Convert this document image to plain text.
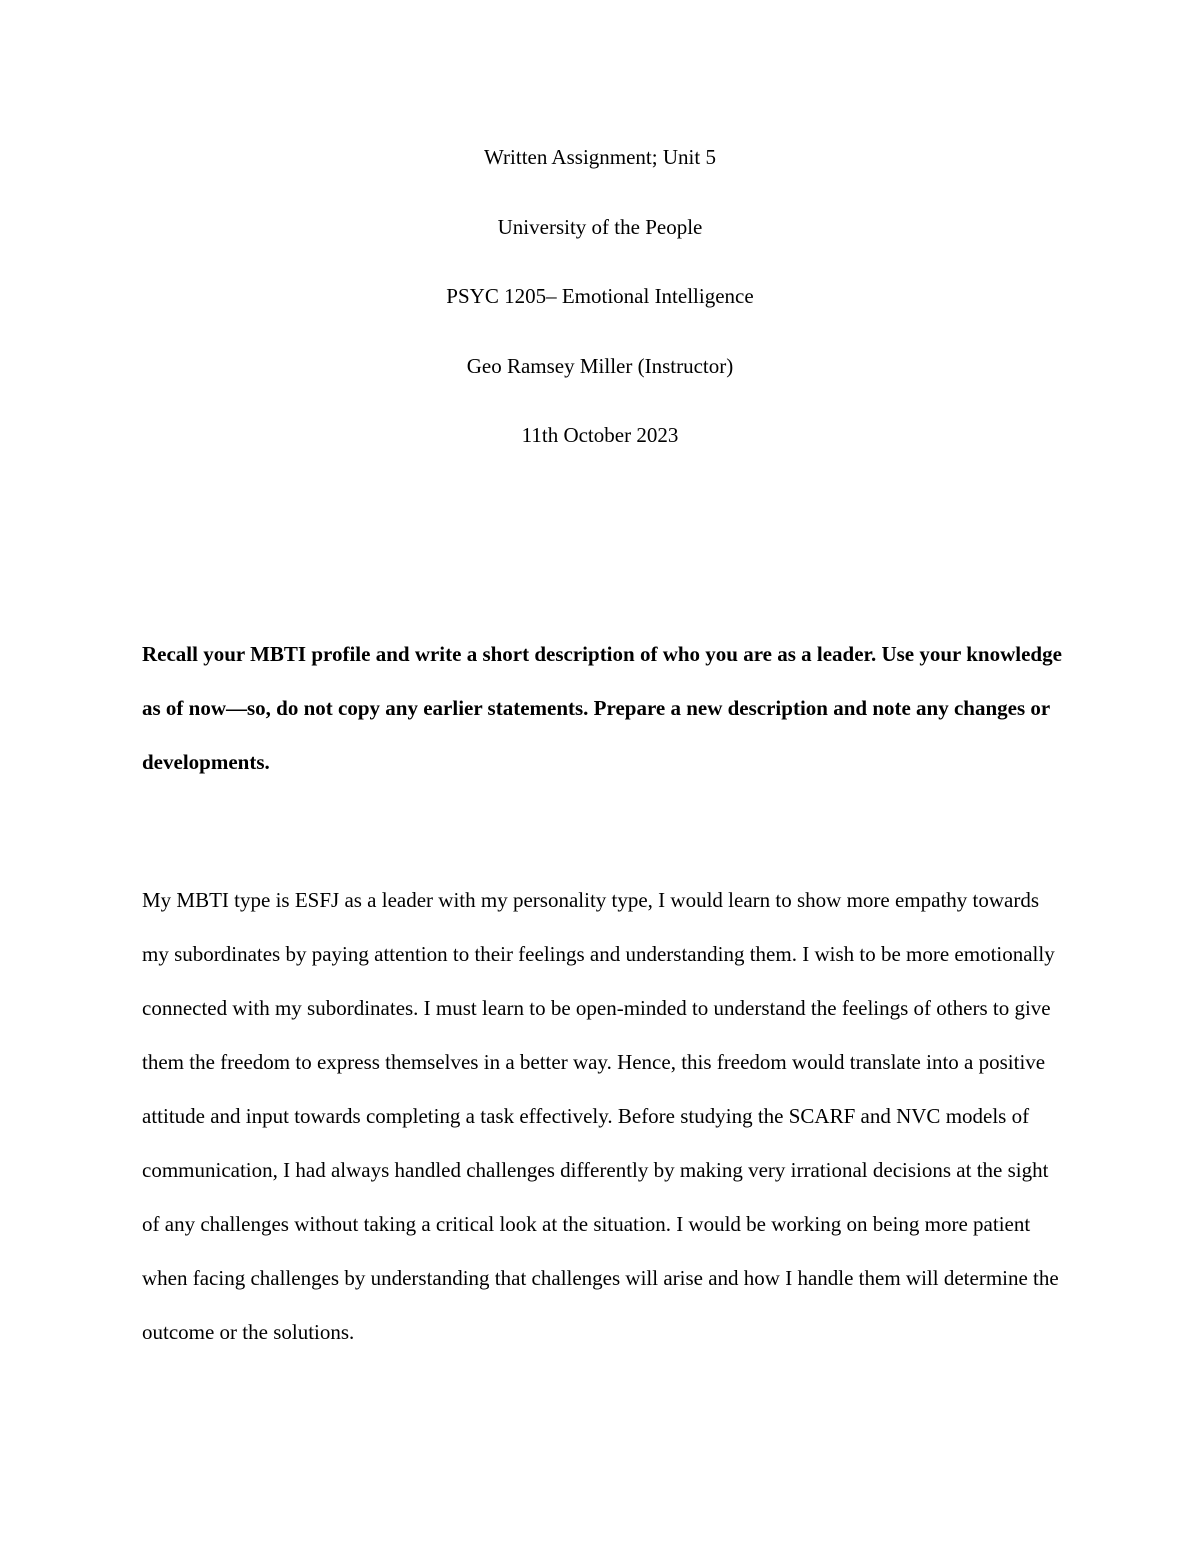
Written Assignment; Unit 5
University of the People
PSYC 1205– Emotional Intelligence
Geo Ramsey Miller (Instructor)
11th October 2023

Recall your MBTI profile and write a short description of who you are as a leader. Use your knowledge as of now—so, do not copy any earlier statements. Prepare a new description and note any changes or developments.

My MBTI type is ESFJ as a leader with my personality type, I would learn to show more empathy towards my subordinates by paying attention to their feelings and understanding them. I wish to be more emotionally connected with my subordinates. I must learn to be open-minded to understand the feelings of others to give them the freedom to express themselves in a better way. Hence, this freedom would translate into a positive attitude and input towards completing a task effectively. Before studying the SCARF and NVC models of communication, I had always handled challenges differently by making very irrational decisions at the sight of any challenges without taking a critical look at the situation. I would be working on being more patient when facing challenges by understanding that challenges will arise and how I handle them will determine the outcome or the solutions.
